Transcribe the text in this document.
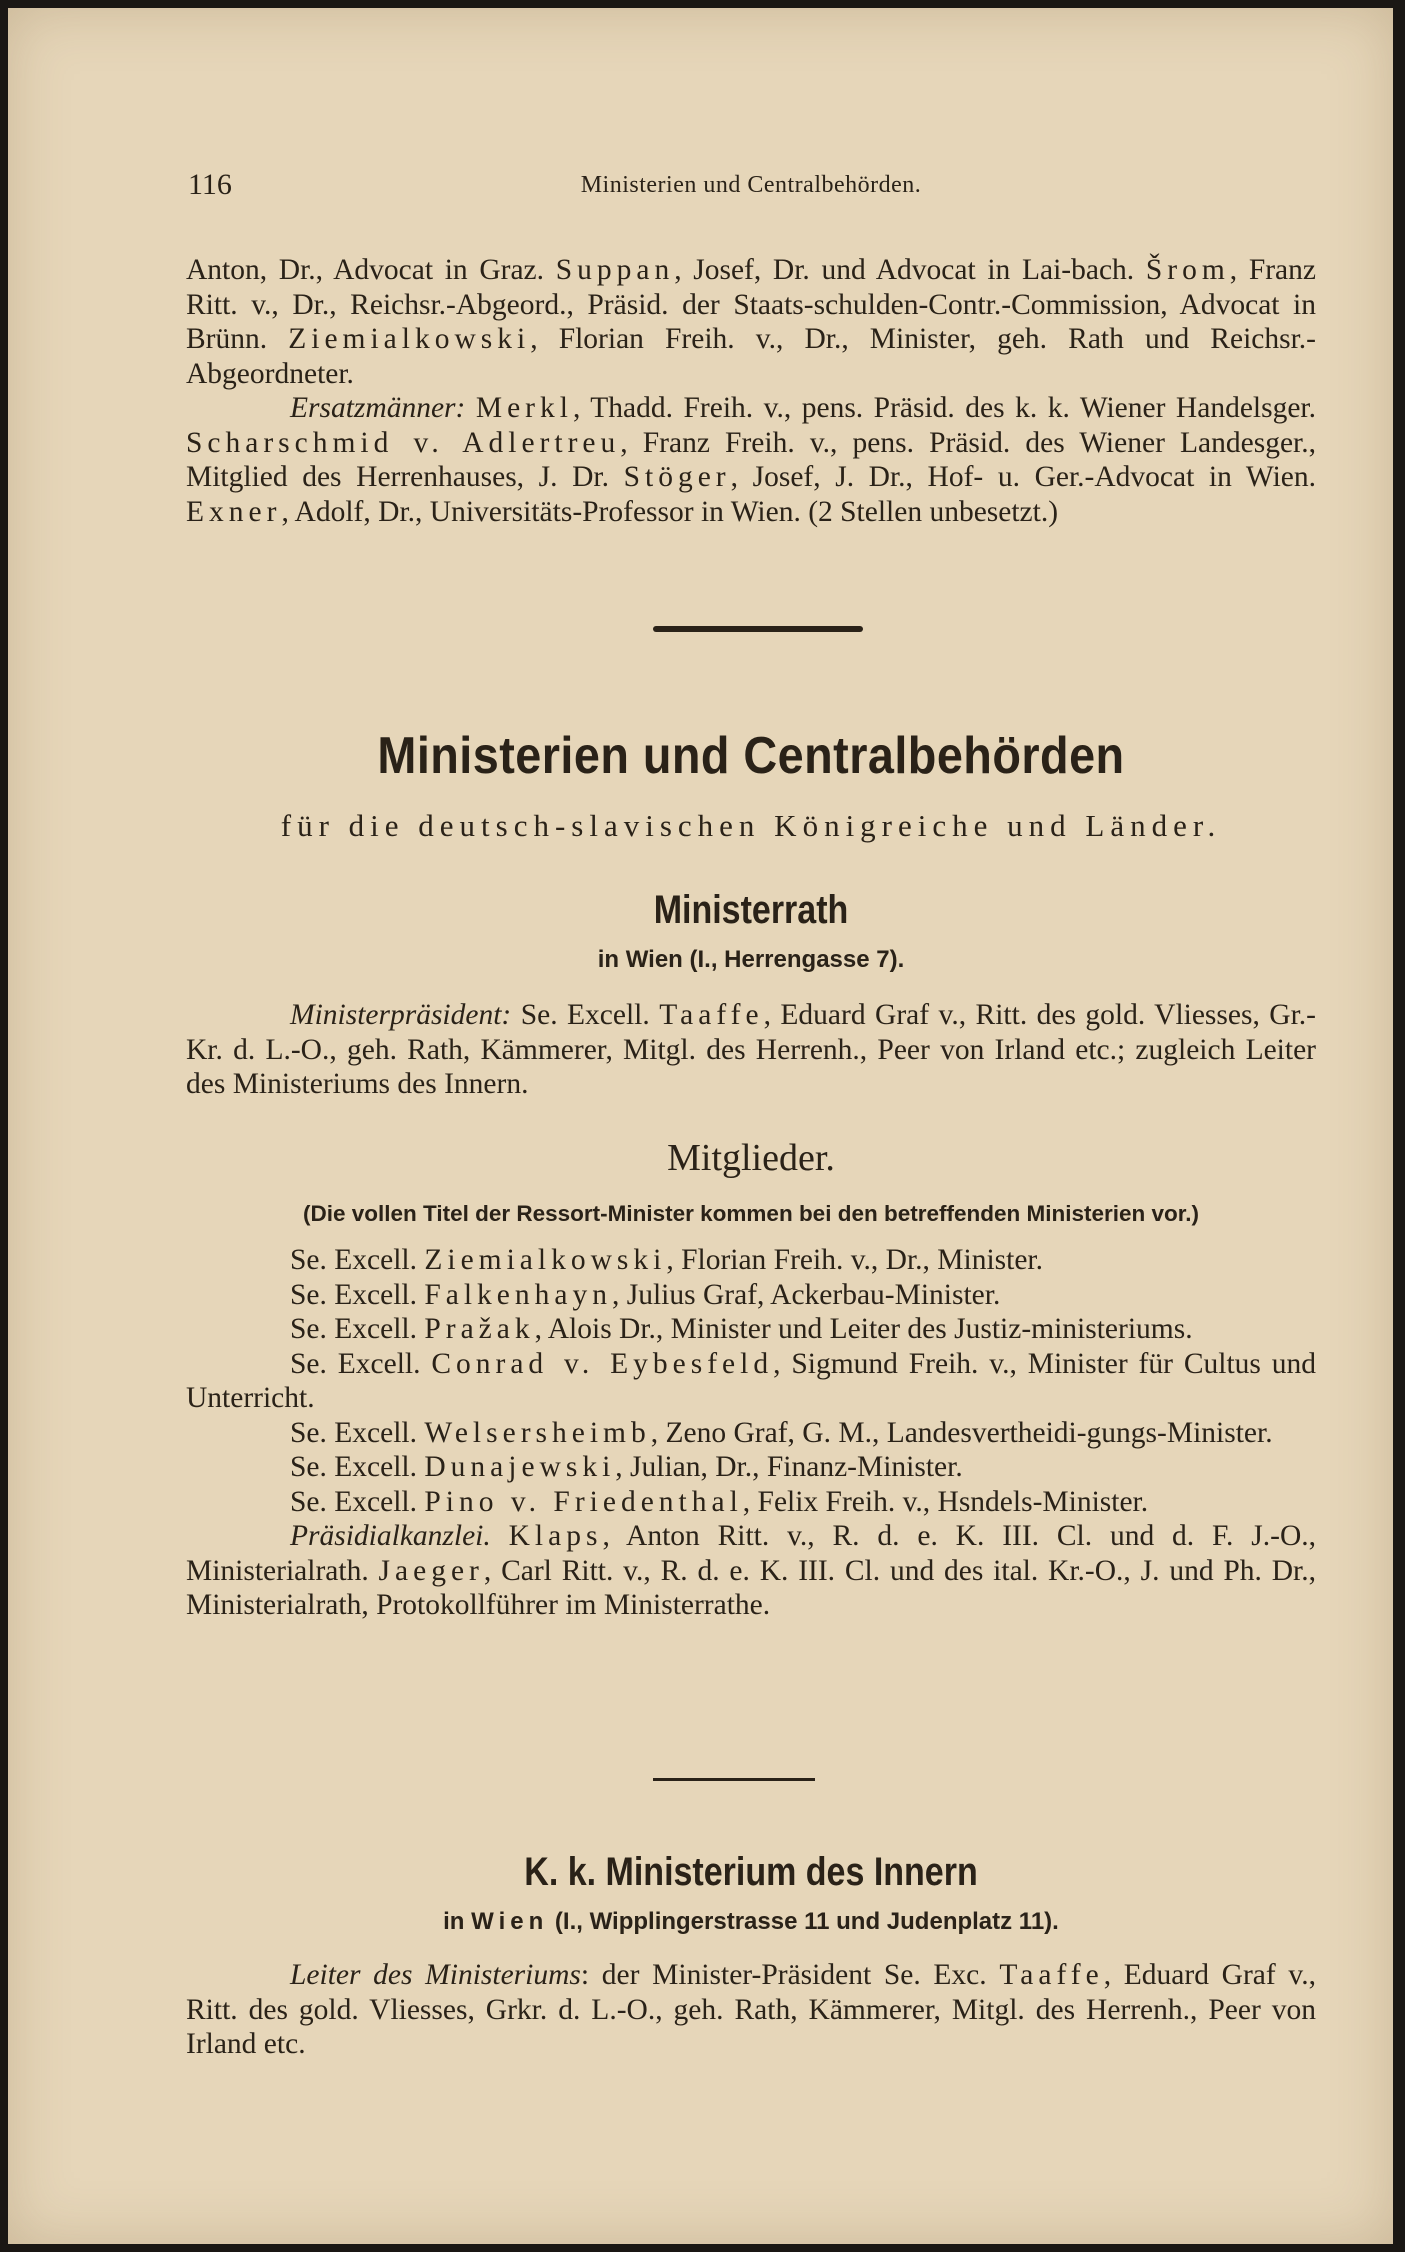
116	Ministerien und Centralbehörden.

Anton, Dr., Advocat in Graz. Suppan, Josef, Dr. und Advocat in Lai-bach. Šrom, Franz Ritt. v., Dr., Reichsr.-Abgeord., Präsid. der Staats-schulden-Contr.-Commission, Advocat in Brünn. Ziemialkowski, Florian Freih. v., Dr., Minister, geh. Rath und Reichsr.-Abgeordneter.

Ersatzmänner: Merkl, Thadd. Freih. v., pens. Präsid. des k. k. Wiener Handelsger. Scharschmid v. Adlertreu, Franz Freih. v., pens. Präsid. des Wiener Landesger., Mitglied des Herrenhauses, J. Dr. Stöger, Josef, J. Dr., Hof- u. Ger.-Advocat in Wien. Exner, Adolf, Dr., Universitäts-Professor in Wien. (2 Stellen unbesetzt.)

Ministerien und Centralbehörden
für die deutsch-slavischen Königreiche und Länder.
Ministerrath
in Wien (I., Herrengasse 7).

Ministerpräsident: Se. Excell. Taaffe, Eduard Graf v., Ritt. des gold. Vliesses, Gr.-Kr. d. L.-O., geh. Rath, Kämmerer, Mitgl. des Herrenh., Peer von Irland etc.; zugleich Leiter des Ministeriums des Innern.

Mitglieder.
(Die vollen Titel der Ressort-Minister kommen bei den betreffenden Ministerien vor.)

Se. Excell. Ziemialkowski, Florian Freih. v., Dr., Minister.

Se. Excell. Falkenhayn, Julius Graf, Ackerbau-Minister.

Se. Excell. Pražak, Alois Dr., Minister und Leiter des Justiz-ministeriums.

Se. Excell. Conrad v. Eybesfeld, Sigmund Freih. v., Minister für Cultus und Unterricht.

Se. Excell. Welsersheimb, Zeno Graf, G. M., Landesvertheidi-gungs-Minister.

Se. Excell. Dunajewski, Julian, Dr., Finanz-Minister.

Se. Excell. Pino v. Friedenthal, Felix Freih. v., Hsndels-Minister.

Präsidialkanzlei. Klaps, Anton Ritt. v., R. d. e. K. III. Cl. und d. F. J.-O., Ministerialrath. Jaeger, Carl Ritt. v., R. d. e. K. III. Cl. und des ital. Kr.-O., J. und Ph. Dr., Ministerialrath, Protokollführer im Ministerrathe.

K. k. Ministerium des Innern
in Wien (I., Wipplingerstrasse 11 und Judenplatz 11).

Leiter des Ministeriums: der Minister-Präsident Se. Exc. Taaffe, Eduard Graf v., Ritt. des gold. Vliesses, Grkr. d. L.-O., geh. Rath, Kämmerer, Mitgl. des Herrenh., Peer von Irland etc.
